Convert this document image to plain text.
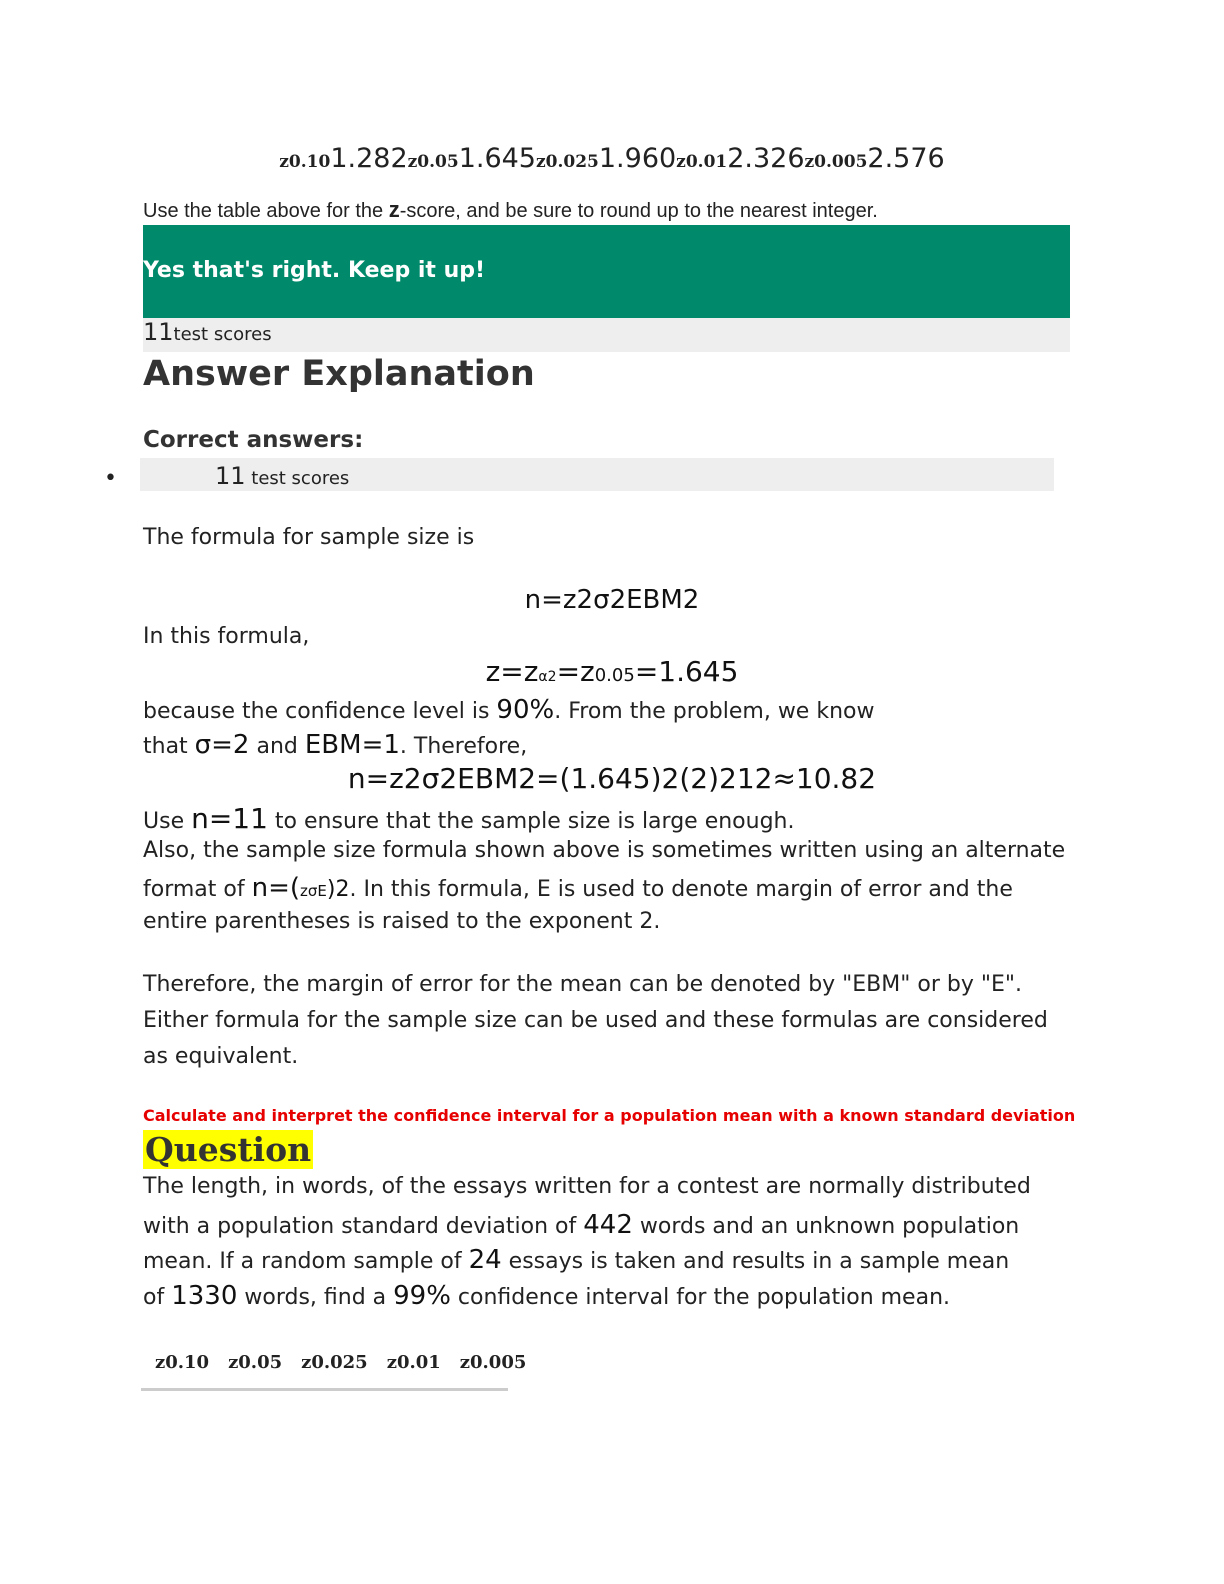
z0.101.282z0.051.645z0.0251.960z0.012.326z0.0052.576
Use the table above for the z-score, and be sure to round up to the nearest integer.
Yes that's right. Keep it up!
11test scores
Answer Explanation
Correct answers:
•	11 test scores
The formula for sample size is
n=z2σ2EBM2
In this formula,
z=zα2=z0.05=1.645
because the confidence level is 90%. From the problem, we know
that σ=2 and EBM=1. Therefore,
n=z2σ2EBM2=(1.645)2(2)212≈10.82
Use n=11 to ensure that the sample size is large enough.
Also, the sample size formula shown above is sometimes written using an alternate
format of n=(zσE)2. In this formula, E is used to denote margin of error and the
entire parentheses is raised to the exponent 2.
Therefore, the margin of error for the mean can be denoted by "EBM" or by "E".
Either formula for the sample size can be used and these formulas are considered
as equivalent.
Calculate and interpret the confidence interval for a population mean with a known standard deviation
Question
The length, in words, of the essays written for a contest are normally distributed
with a population standard deviation of 442 words and an unknown population
mean. If a random sample of 24 essays is taken and results in a sample mean
of 1330 words, find a 99% confidence interval for the population mean.
z0.10 z0.05 z0.025 z0.01 z0.005
